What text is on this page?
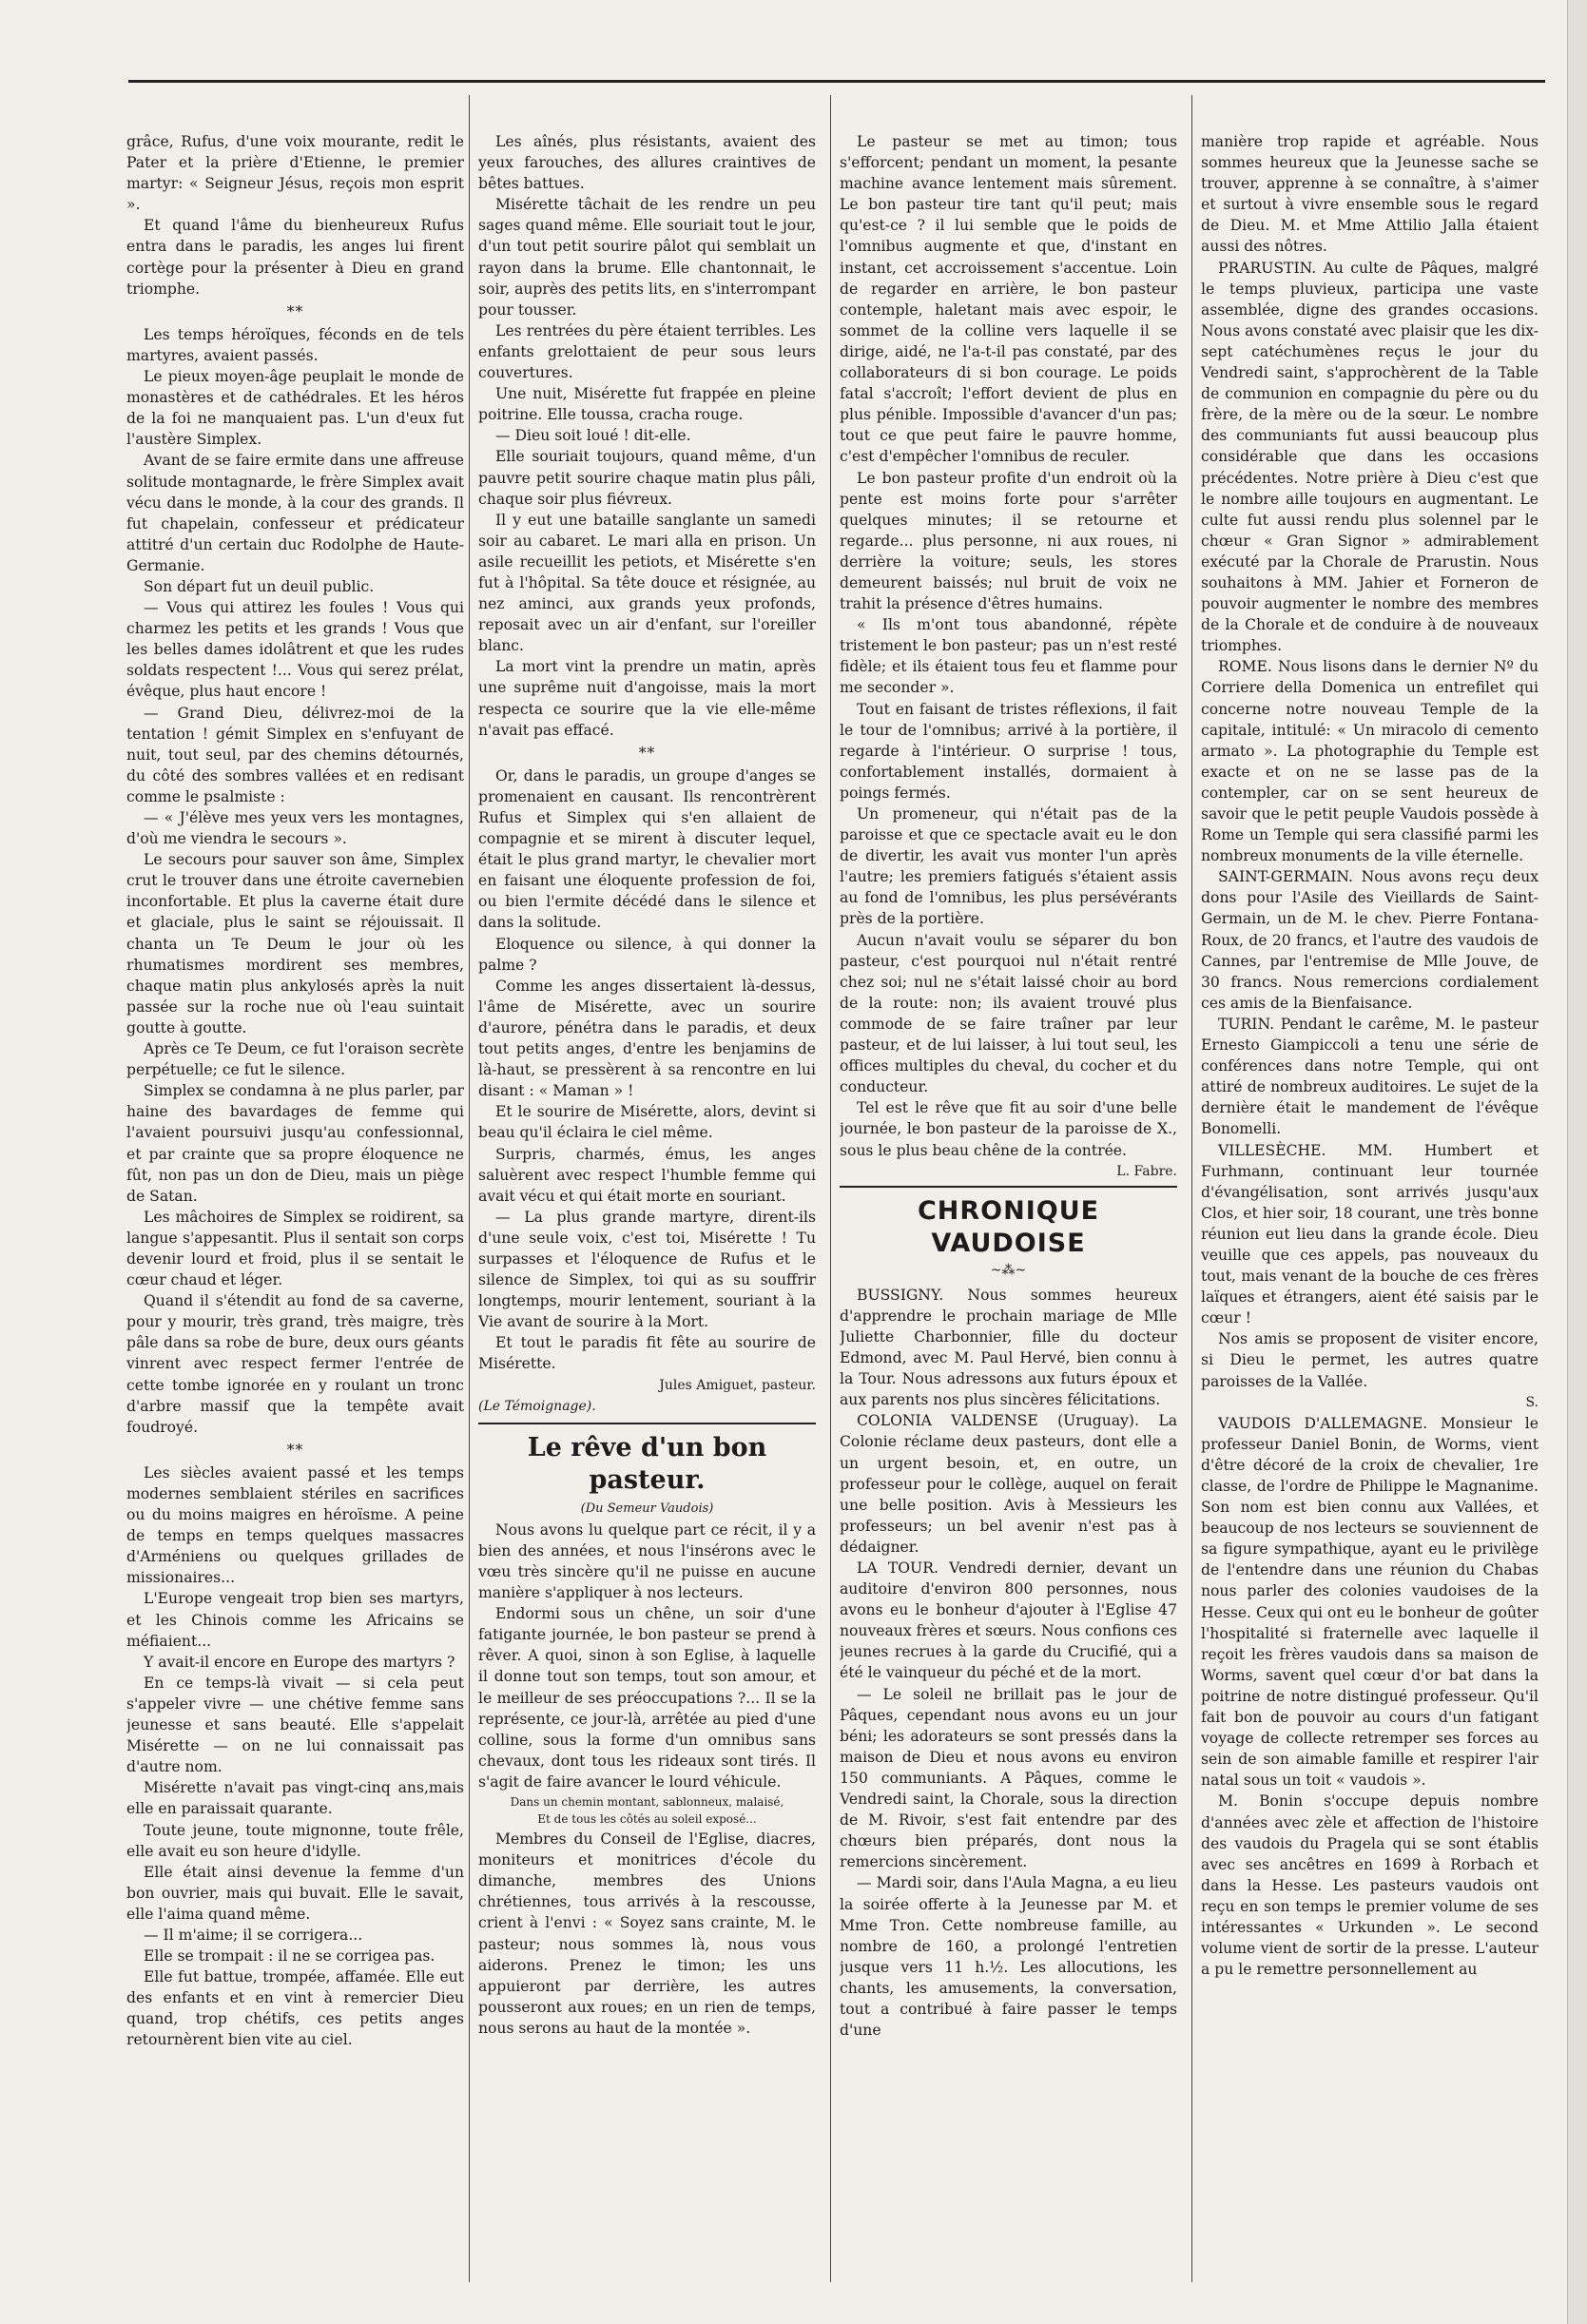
grâce, Rufus, d'une voix mourante, redit le Pater et la prière d'Etienne, le premier martyr: « Seigneur Jésus, reçois mon esprit ».

Et quand l'âme du bienheureux Rufus entra dans le paradis, les anges lui firent cortège pour la présenter à Dieu en grand triomphe.

**

Les temps héroïques, féconds en de tels martyres, avaient passés.

Le pieux moyen-âge peuplait le monde de monastères et de cathédrales. Et les héros de la foi ne manquaient pas. L'un d'eux fut l'austère Simplex.

Avant de se faire ermite dans une affreuse solitude montagnarde, le frère Simplex avait vécu dans le monde, à la cour des grands. Il fut chapelain, confesseur et prédicateur attitré d'un certain duc Rodolphe de Haute-Germanie.

Son départ fut un deuil public.

— Vous qui attirez les foules ! Vous qui charmez les petits et les grands ! Vous que les belles dames idolâtrent et que les rudes soldats respectent !... Vous qui serez prélat, évêque, plus haut encore !

— Grand Dieu, délivrez-moi de la tentation ! gémit Simplex en s'enfuyant de nuit, tout seul, par des chemins détournés, du côté des sombres vallées et en redisant comme le psalmiste :

— « J'élève mes yeux vers les montagnes, d'où me viendra le secours ».

Le secours pour sauver son âme, Simplex crut le trouver dans une étroite cavernebien inconfortable. Et plus la caverne était dure et glaciale, plus le saint se réjouissait. Il chanta un Te Deum le jour où les rhumatismes mordirent ses membres, chaque matin plus ankylosés après la nuit passée sur la roche nue où l'eau suintait goutte à goutte.

Après ce Te Deum, ce fut l'oraison secrète perpétuelle; ce fut le silence.

Simplex se condamna à ne plus parler, par haine des bavardages de femme qui l'avaient poursuivi jusqu'au confessionnal, et par crainte que sa propre éloquence ne fût, non pas un don de Dieu, mais un piège de Satan.

Les mâchoires de Simplex se roidirent, sa langue s'appesantit. Plus il sentait son corps devenir lourd et froid, plus il se sentait le cœur chaud et léger.

Quand il s'étendit au fond de sa caverne, pour y mourir, très grand, très maigre, très pâle dans sa robe de bure, deux ours géants vinrent avec respect fermer l'entrée de cette tombe ignorée en y roulant un tronc d'arbre massif que la tempête avait foudroyé.

**

Les siècles avaient passé et les temps modernes semblaient stériles en sacrifices ou du moins maigres en héroïsme. A peine de temps en temps quelques massacres d'Arméniens ou quelques grillades de missionaires...

L'Europe vengeait trop bien ses martyrs, et les Chinois comme les Africains se méfiaient...

Y avait-il encore en Europe des martyrs ?

En ce temps-là vivait — si cela peut s'appeler vivre — une chétive femme sans jeunesse et sans beauté. Elle s'appelait Misérette — on ne lui connaissait pas d'autre nom.

Misérette n'avait pas vingt-cinq ans,mais elle en paraissait quarante.

Toute jeune, toute mignonne, toute frêle, elle avait eu son heure d'idylle.

Elle était ainsi devenue la femme d'un bon ouvrier, mais qui buvait. Elle le savait, elle l'aima quand même.

— Il m'aime; il se corrigera...

Elle se trompait : il ne se corrigea pas.

Elle fut battue, trompée, affamée. Elle eut des enfants et en vint à remercier Dieu quand, trop chétifs, ces petits anges retournèrent bien vite au ciel.

Les aînés, plus résistants, avaient des yeux farouches, des allures craintives de bêtes battues.

Misérette tâchait de les rendre un peu sages quand même. Elle souriait tout le jour, d'un tout petit sourire pâlot qui semblait un rayon dans la brume. Elle chantonnait, le soir, auprès des petits lits, en s'interrompant pour tousser.

Les rentrées du père étaient terribles. Les enfants grelottaient de peur sous leurs couvertures.

Une nuit, Misérette fut frappée en pleine poitrine. Elle toussa, cracha rouge.

— Dieu soit loué ! dit-elle.

Elle souriait toujours, quand même, d'un pauvre petit sourire chaque matin plus pâli, chaque soir plus fiévreux.

Il y eut une bataille sanglante un samedi soir au cabaret. Le mari alla en prison. Un asile recueillit les petiots, et Misérette s'en fut à l'hôpital. Sa tête douce et résignée, au nez aminci, aux grands yeux profonds, reposait avec un air d'enfant, sur l'oreiller blanc.

La mort vint la prendre un matin, après une suprême nuit d'angoisse, mais la mort respecta ce sourire que la vie elle-même n'avait pas effacé.

**

Or, dans le paradis, un groupe d'anges se promenaient en causant. Ils rencontrèrent Rufus et Simplex qui s'en allaient de compagnie et se mirent à discuter lequel, était le plus grand martyr, le chevalier mort en faisant une éloquente profession de foi, ou bien l'ermite décédé dans le silence et dans la solitude.

Eloquence ou silence, à qui donner la palme ?

Comme les anges dissertaient là-dessus, l'âme de Misérette, avec un sourire d'aurore, pénétra dans le paradis, et deux tout petits anges, d'entre les benjamins de là-haut, se pressèrent à sa rencontre en lui disant : « Maman » !

Et le sourire de Misérette, alors, devint si beau qu'il éclaira le ciel même.

Surpris, charmés, émus, les anges saluèrent avec respect l'humble femme qui avait vécu et qui était morte en souriant.

— La plus grande martyre, dirent-ils d'une seule voix, c'est toi, Misérette ! Tu surpasses et l'éloquence de Rufus et le silence de Simplex, toi qui as su souffrir longtemps, mourir lentement, souriant à la Vie avant de sourire à la Mort.

Et tout le paradis fit fête au sourire de Misérette.

Jules Amiguet, pasteur.
(Le Témoignage).
Le rêve d'un bon pasteur.
(Du Semeur Vaudois)

Nous avons lu quelque part ce récit, il y a bien des années, et nous l'insérons avec le vœu très sincère qu'il ne puisse en aucune manière s'appliquer à nos lecteurs.

Endormi sous un chêne, un soir d'une fatigante journée, le bon pasteur se prend à rêver. A quoi, sinon à son Eglise, à laquelle il donne tout son temps, tout son amour, et le meilleur de ses préoccupations ?... Il se la représente, ce jour-là, arrêtée au pied d'une colline, sous la forme d'un omnibus sans chevaux, dont tous les rideaux sont tirés. Il s'agit de faire avancer le lourd véhicule.

Dans un chemin montant, sablonneux, malaisé,
Et de tous les côtés au soleil exposé...

Membres du Conseil de l'Eglise, diacres, moniteurs et monitrices d'école du dimanche, membres des Unions chrétiennes, tous arrivés à la rescousse, crient à l'envi : « Soyez sans crainte, M. le pasteur; nous sommes là, nous vous aiderons. Prenez le timon; les uns appuieront par derrière, les autres pousseront aux roues; en un rien de temps, nous serons au haut de la montée ».

Le pasteur se met au timon; tous s'efforcent; pendant un moment, la pesante machine avance lentement mais sûrement. Le bon pasteur tire tant qu'il peut; mais qu'est-ce ? il lui semble que le poids de l'omnibus augmente et que, d'instant en instant, cet accroissement s'accentue. Loin de regarder en arrière, le bon pasteur contemple, haletant mais avec espoir, le sommet de la colline vers laquelle il se dirige, aidé, ne l'a-t-il pas constaté, par des collaborateurs di si bon courage. Le poids fatal s'accroît; l'effort devient de plus en plus pénible. Impossible d'avancer d'un pas; tout ce que peut faire le pauvre homme, c'est d'empêcher l'omnibus de reculer.

Le bon pasteur profite d'un endroit où la pente est moins forte pour s'arrêter quelques minutes; il se retourne et regarde... plus personne, ni aux roues, ni derrière la voiture; seuls, les stores demeurent baissés; nul bruit de voix ne trahit la présence d'êtres humains.

« Ils m'ont tous abandonné, répète tristement le bon pasteur; pas un n'est resté fidèle; et ils étaient tous feu et flamme pour me seconder ».

Tout en faisant de tristes réflexions, il fait le tour de l'omnibus; arrivé à la portière, il regarde à l'intérieur. O surprise ! tous, confortablement installés, dormaient à poings fermés.

Un promeneur, qui n'était pas de la paroisse et que ce spectacle avait eu le don de divertir, les avait vus monter l'un après l'autre; les premiers fatigués s'étaient assis au fond de l'omnibus, les plus persévérants près de la portière.

Aucun n'avait voulu se séparer du bon pasteur, c'est pourquoi nul n'était rentré chez soi; nul ne s'était laissé choir au bord de la route: non; ils avaient trouvé plus commode de se faire traîner par leur pasteur, et de lui laisser, à lui tout seul, les offices multiples du cheval, du cocher et du conducteur.

Tel est le rêve que fit au soir d'une belle journée, le bon pasteur de la paroisse de X., sous le plus beau chêne de la contrée.

L. Fabre.
CHRONIQUE VAUDOISE
~⁂~

BUSSIGNY. Nous sommes heureux d'apprendre le prochain mariage de Mlle Juliette Charbonnier, fille du docteur Edmond, avec M. Paul Hervé, bien connu à la Tour. Nous adressons aux futurs époux et aux parents nos plus sincères félicitations.

COLONIA VALDENSE (Uruguay). La Colonie réclame deux pasteurs, dont elle a un urgent besoin, et, en outre, un professeur pour le collège, auquel on ferait une belle position. Avis à Messieurs les professeurs; un bel avenir n'est pas à dédaigner.

LA TOUR. Vendredi dernier, devant un auditoire d'environ 800 personnes, nous avons eu le bonheur d'ajouter à l'Eglise 47 nouveaux frères et sœurs. Nous confions ces jeunes recrues à la garde du Crucifié, qui a été le vainqueur du péché et de la mort.

— Le soleil ne brillait pas le jour de Pâques, cependant nous avons eu un jour béni; les adorateurs se sont pressés dans la maison de Dieu et nous avons eu environ 150 communiants. A Pâques, comme le Vendredi saint, la Chorale, sous la direction de M. Rivoir, s'est fait entendre par des chœurs bien préparés, dont nous la remercions sincèrement.

— Mardi soir, dans l'Aula Magna, a eu lieu la soirée offerte à la Jeunesse par M. et Mme Tron. Cette nombreuse famille, au nombre de 160, a prolongé l'entretien jusque vers 11 h.½. Les allocutions, les chants, les amusements, la conversation, tout a contribué à faire passer le temps d'une

manière trop rapide et agréable. Nous sommes heureux que la Jeunesse sache se trouver, apprenne à se connaître, à s'aimer et surtout à vivre ensemble sous le regard de Dieu. M. et Mme Attilio Jalla étaient aussi des nôtres.

PRARUSTIN. Au culte de Pâques, malgré le temps pluvieux, participa une vaste assemblée, digne des grandes occasions. Nous avons constaté avec plaisir que les dix-sept catéchumènes reçus le jour du Vendredi saint, s'approchèrent de la Table de communion en compagnie du père ou du frère, de la mère ou de la sœur. Le nombre des communiants fut aussi beaucoup plus considérable que dans les occasions précédentes. Notre prière à Dieu c'est que le nombre aille toujours en augmentant. Le culte fut aussi rendu plus solennel par le chœur « Gran Signor » admirablement exécuté par la Chorale de Prarustin. Nous souhaitons à MM. Jahier et Forneron de pouvoir augmenter le nombre des membres de la Chorale et de conduire à de nouveaux triomphes.

ROME. Nous lisons dans le dernier Nº du Corriere della Domenica un entrefilet qui concerne notre nouveau Temple de la capitale, intitulé: « Un miracolo di cemento armato ». La photographie du Temple est exacte et on ne se lasse pas de la contempler, car on se sent heureux de savoir que le petit peuple Vaudois possède à Rome un Temple qui sera classifié parmi les nombreux monuments de la ville éternelle.

SAINT-GERMAIN. Nous avons reçu deux dons pour l'Asile des Vieillards de Saint-Germain, un de M. le chev. Pierre Fontana-Roux, de 20 francs, et l'autre des vaudois de Cannes, par l'entremise de Mlle Jouve, de 30 francs. Nous remercions cordialement ces amis de la Bienfaisance.

TURIN. Pendant le carême, M. le pasteur Ernesto Giampiccoli a tenu une série de conférences dans notre Temple, qui ont attiré de nombreux auditoires. Le sujet de la dernière était le mandement de l'évêque Bonomelli.

VILLESÈCHE. MM. Humbert et Furhmann, continuant leur tournée d'évangélisation, sont arrivés jusqu'aux Clos, et hier soir, 18 courant, une très bonne réunion eut lieu dans la grande école. Dieu veuille que ces appels, pas nouveaux du tout, mais venant de la bouche de ces frères laïques et étrangers, aient été saisis par le cœur !

Nos amis se proposent de visiter encore, si Dieu le permet, les autres quatre paroisses de la Vallée.

S.

VAUDOIS D'ALLEMAGNE. Monsieur le professeur Daniel Bonin, de Worms, vient d'être décoré de la croix de chevalier, 1re classe, de l'ordre de Philippe le Magnanime. Son nom est bien connu aux Vallées, et beaucoup de nos lecteurs se souviennent de sa figure sympathique, ayant eu le privilège de l'entendre dans une réunion du Chabas nous parler des colonies vaudoises de la Hesse. Ceux qui ont eu le bonheur de goûter l'hospitalité si fraternelle avec laquelle il reçoit les frères vaudois dans sa maison de Worms, savent quel cœur d'or bat dans la poitrine de notre distingué professeur. Qu'il fait bon de pouvoir au cours d'un fatigant voyage de collecte retremper ses forces au sein de son aimable famille et respirer l'air natal sous un toit « vaudois ».

M. Bonin s'occupe depuis nombre d'années avec zèle et affection de l'histoire des vaudois du Pragela qui se sont établis avec ses ancêtres en 1699 à Rorbach et dans la Hesse. Les pasteurs vaudois ont reçu en son temps le premier volume de ses intéressantes « Urkunden ». Le second volume vient de sortir de la presse. L'auteur a pu le remettre personnellement au
